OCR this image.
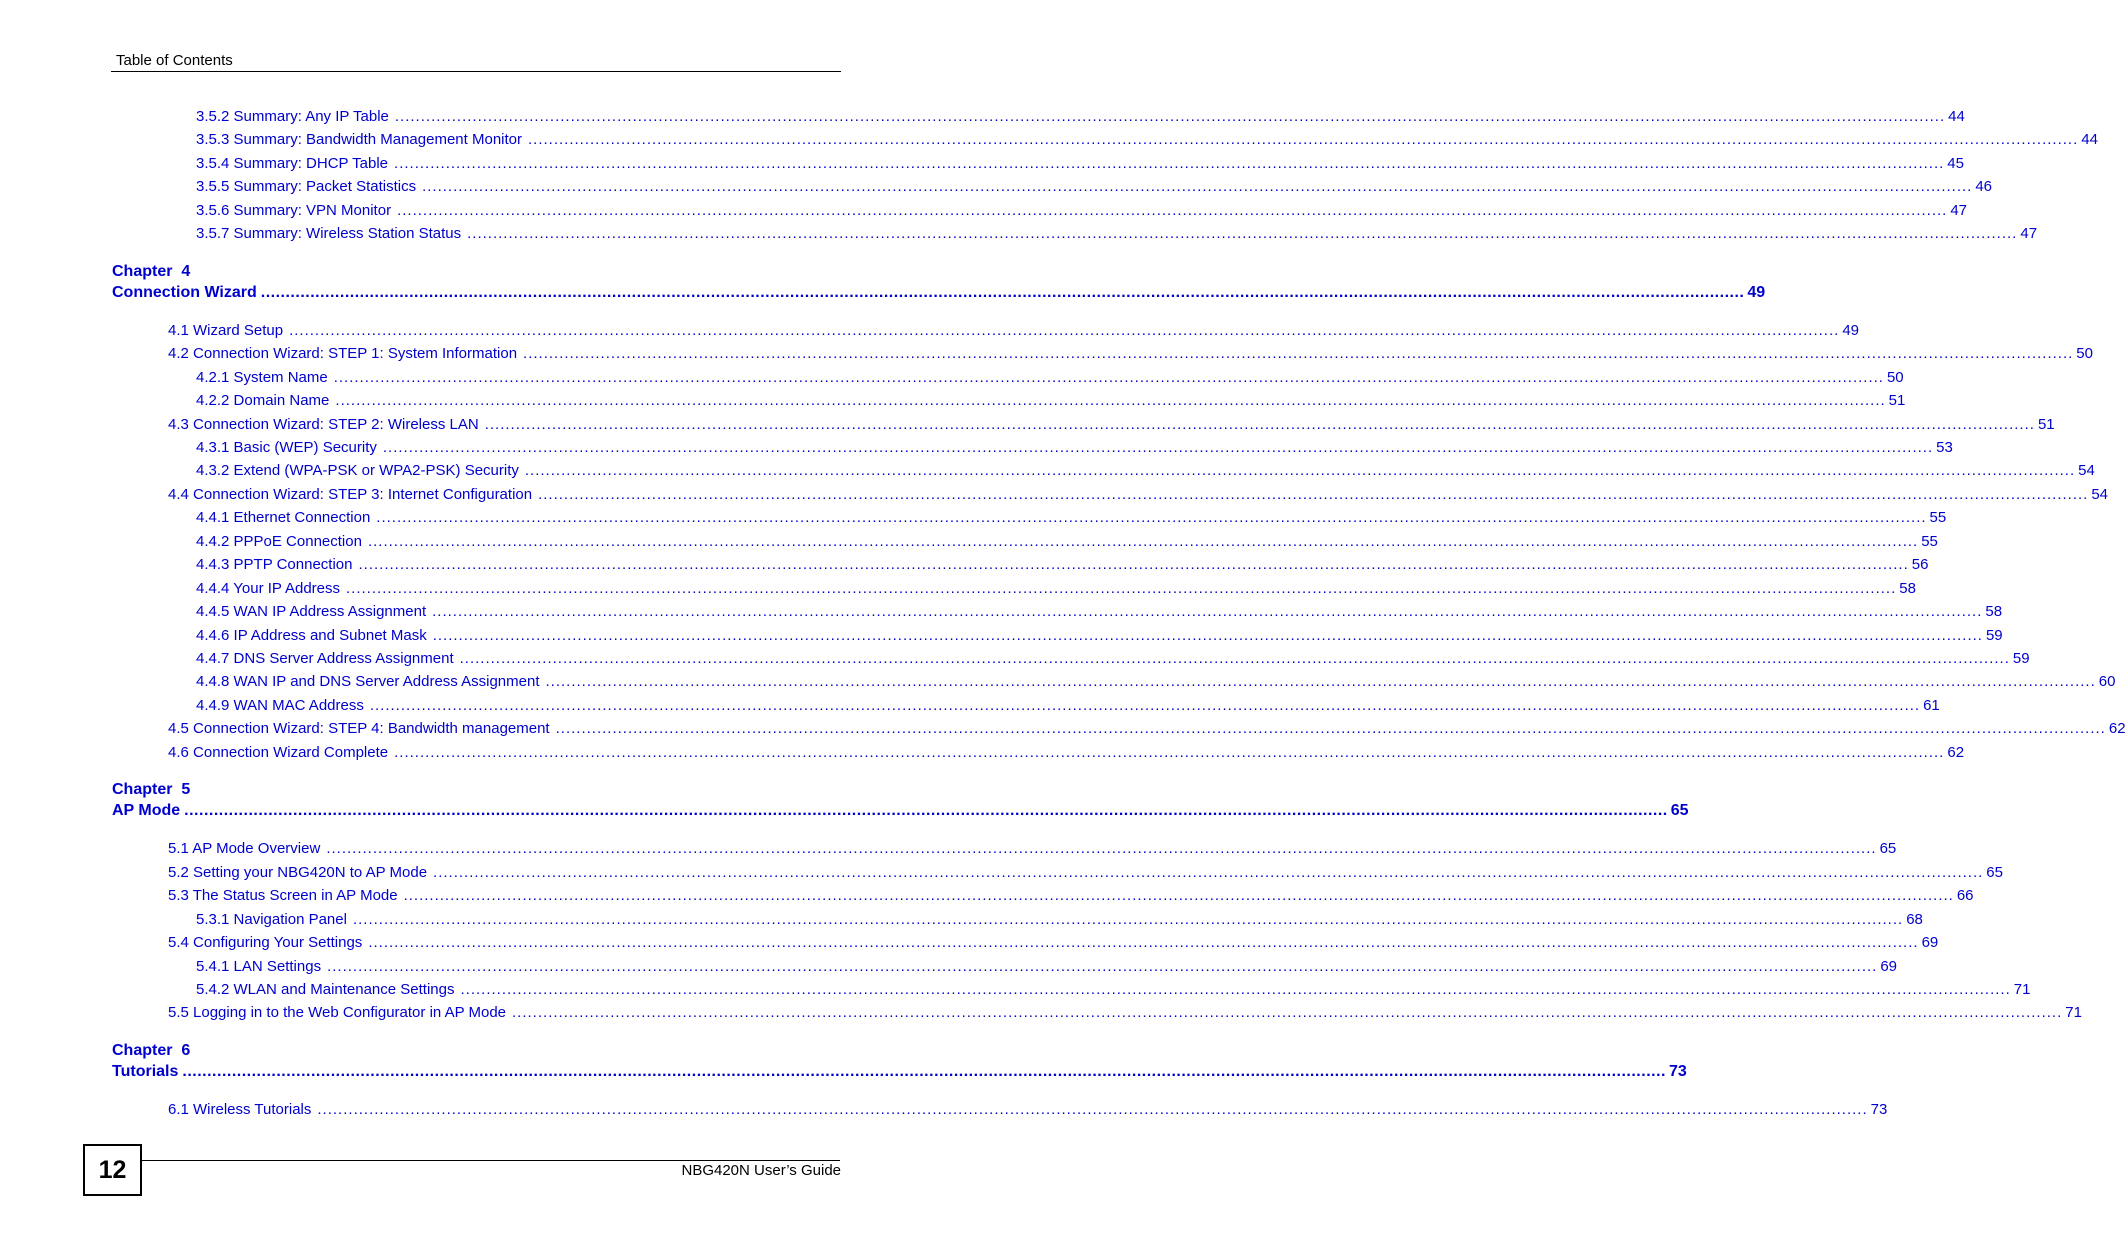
Table of Contents
3.5.2 Summary: Any IP Table ............................................................................................................................................................................................................................................................................................................ 44
3.5.3 Summary: Bandwidth Management Monitor ............................................................................................................................................................................................................................................................................................................ 44
3.5.4 Summary: DHCP Table ............................................................................................................................................................................................................................................................................................................ 45
3.5.5 Summary: Packet Statistics ............................................................................................................................................................................................................................................................................................................ 46
3.5.6 Summary: VPN Monitor ............................................................................................................................................................................................................................................................................................................ 47
3.5.7 Summary: Wireless Station Status ............................................................................................................................................................................................................................................................................................................ 47
Chapter  4
Connection Wizard ............................................................................................................................................................................................................................................................................................................ 49
4.1 Wizard Setup ............................................................................................................................................................................................................................................................................................................ 49
4.2 Connection Wizard: STEP 1: System Information ............................................................................................................................................................................................................................................................................................................ 50
4.2.1 System Name ............................................................................................................................................................................................................................................................................................................ 50
4.2.2 Domain Name ............................................................................................................................................................................................................................................................................................................ 51
4.3 Connection Wizard: STEP 2: Wireless LAN ............................................................................................................................................................................................................................................................................................................ 51
4.3.1 Basic (WEP) Security ............................................................................................................................................................................................................................................................................................................ 53
4.3.2 Extend (WPA-PSK or WPA2-PSK) Security ............................................................................................................................................................................................................................................................................................................ 54
4.4 Connection Wizard: STEP 3: Internet Configuration ............................................................................................................................................................................................................................................................................................................ 54
4.4.1 Ethernet Connection ............................................................................................................................................................................................................................................................................................................ 55
4.4.2 PPPoE Connection ............................................................................................................................................................................................................................................................................................................ 55
4.4.3 PPTP Connection ............................................................................................................................................................................................................................................................................................................ 56
4.4.4 Your IP Address ............................................................................................................................................................................................................................................................................................................ 58
4.4.5 WAN IP Address Assignment ............................................................................................................................................................................................................................................................................................................ 58
4.4.6 IP Address and Subnet Mask ............................................................................................................................................................................................................................................................................................................ 59
4.4.7 DNS Server Address Assignment ............................................................................................................................................................................................................................................................................................................ 59
4.4.8 WAN IP and DNS Server Address Assignment ............................................................................................................................................................................................................................................................................................................ 60
4.4.9 WAN MAC Address ............................................................................................................................................................................................................................................................................................................ 61
4.5 Connection Wizard: STEP 4: Bandwidth management ............................................................................................................................................................................................................................................................................................................ 62
4.6 Connection Wizard Complete ............................................................................................................................................................................................................................................................................................................ 62
Chapter  5
AP Mode ............................................................................................................................................................................................................................................................................................................ 65
5.1 AP Mode Overview ............................................................................................................................................................................................................................................................................................................ 65
5.2 Setting your NBG420N to AP Mode ............................................................................................................................................................................................................................................................................................................ 65
5.3 The Status Screen in AP Mode ............................................................................................................................................................................................................................................................................................................ 66
5.3.1 Navigation Panel ............................................................................................................................................................................................................................................................................................................ 68
5.4 Configuring Your Settings ............................................................................................................................................................................................................................................................................................................ 69
5.4.1 LAN Settings ............................................................................................................................................................................................................................................................................................................ 69
5.4.2 WLAN and Maintenance Settings ............................................................................................................................................................................................................................................................................................................ 71
5.5 Logging in to the Web Configurator in AP Mode ............................................................................................................................................................................................................................................................................................................ 71
Chapter  6
Tutorials ............................................................................................................................................................................................................................................................................................................ 73
6.1 Wireless Tutorials ............................................................................................................................................................................................................................................................................................................ 73
12	NBG420N User’s Guide
